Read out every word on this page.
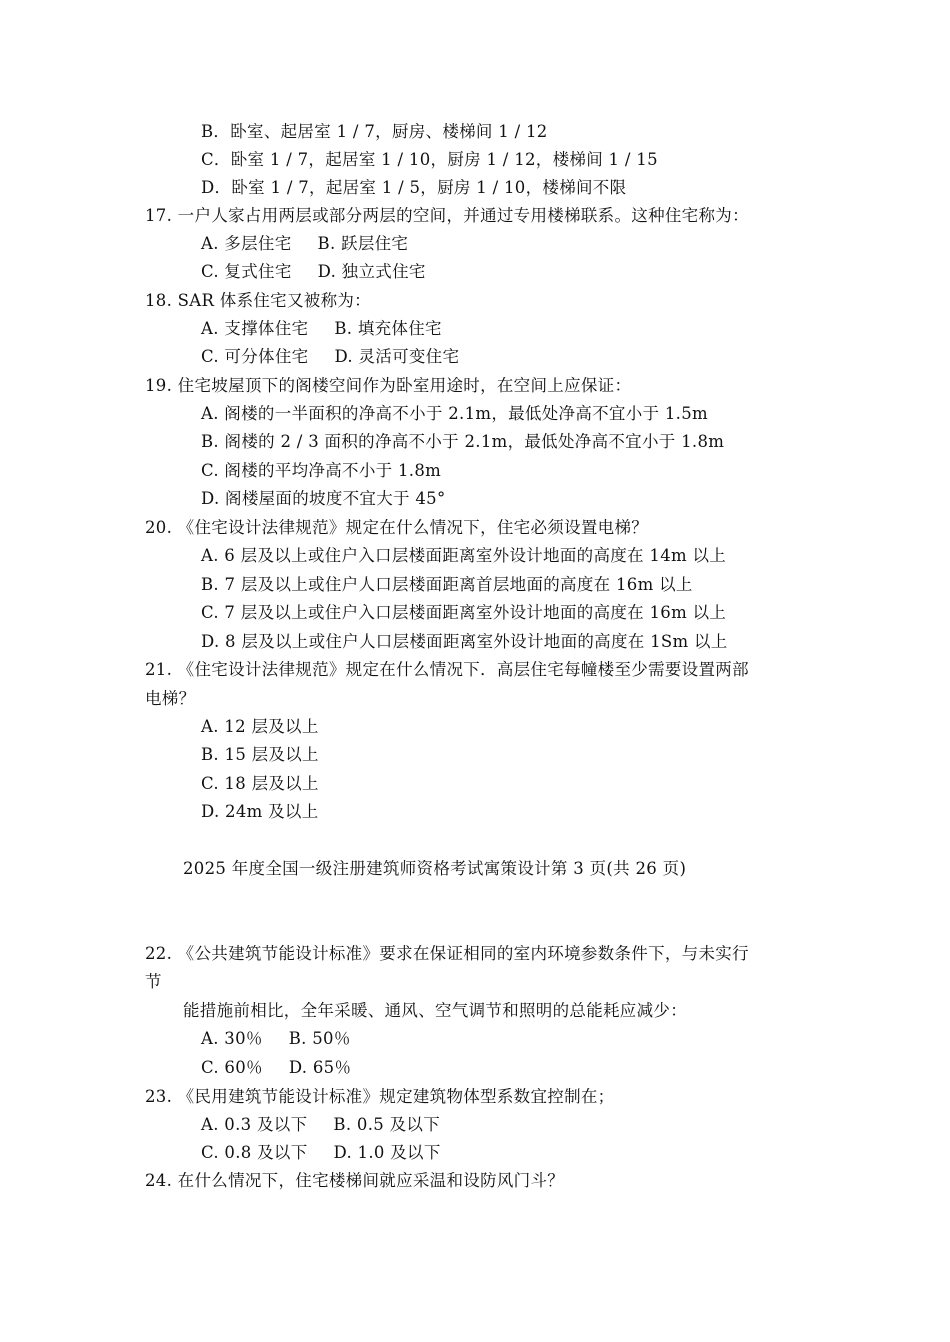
B．卧室、起居室 1 / 7，厨房、楼梯间 1 / 12
C．卧室 1 / 7，起居室 1 / 10，厨房 1 / 12，楼梯间 1 / 15
D．卧室 1 / 7，起居室 1 / 5，厨房 1 / 10，楼梯间不限
17. 一户人家占用两层或部分两层的空间，并通过专用楼梯联系。这种住宅称为：
A. 多层住宅 B. 跃层住宅
C. 复式住宅 D. 独立式住宅
18. SAR 体系住宅又被称为：
A. 支撑体住宅 B. 填充体住宅
C. 可分体住宅 D. 灵活可变住宅
19. 住宅坡屋顶下的阁楼空间作为卧室用途时，在空间上应保证：
A. 阁楼的一半面积的净高不小于 2.1m，最低处净高不宜小于 1.5m
B. 阁楼的 2 / 3 面积的净高不小于 2.1m，最低处净高不宜小于 1.8m
C. 阁楼的平均净高不小于 1.8m
D. 阁楼屋面的坡度不宜大于 45°
20. 《住宅设计法律规范》规定在什么情况下，住宅必须设置电梯？
A. 6 层及以上或住户入口层楼面距离室外设计地面的高度在 14m 以上
B. 7 层及以上或住户人口层楼面距离首层地面的高度在 16m 以上
C. 7 层及以上或住户入口层楼面距离室外设计地面的高度在 16m 以上
D. 8 层及以上或住户人口层楼面距离室外设计地面的高度在 1Sm 以上
21. 《住宅设计法律规范》规定在什么情况下．高层住宅每幢楼至少需要设置两部
电梯？
A. 12 层及以上
B. 15 层及以上
C. 18 层及以上
D. 24m 及以上
2025 年度全国一级注册建筑师资格考试寓策设计第 3 页(共 26 页)
22. 《公共建筑节能设计标准》要求在保证相同的室内环境参数条件下，与未实行
节
能措施前相比，全年采暖、通风、空气调节和照明的总能耗应减少：
A. 30％ B. 50％
C. 60％ D. 65％
23. 《民用建筑节能设计标准》规定建筑物体型系数宜控制在；
A. 0.3 及以下 B. 0.5 及以下
C. 0.8 及以下 D. 1.0 及以下
24. 在什么情况下，住宅楼梯间就应采温和设防风门斗？
